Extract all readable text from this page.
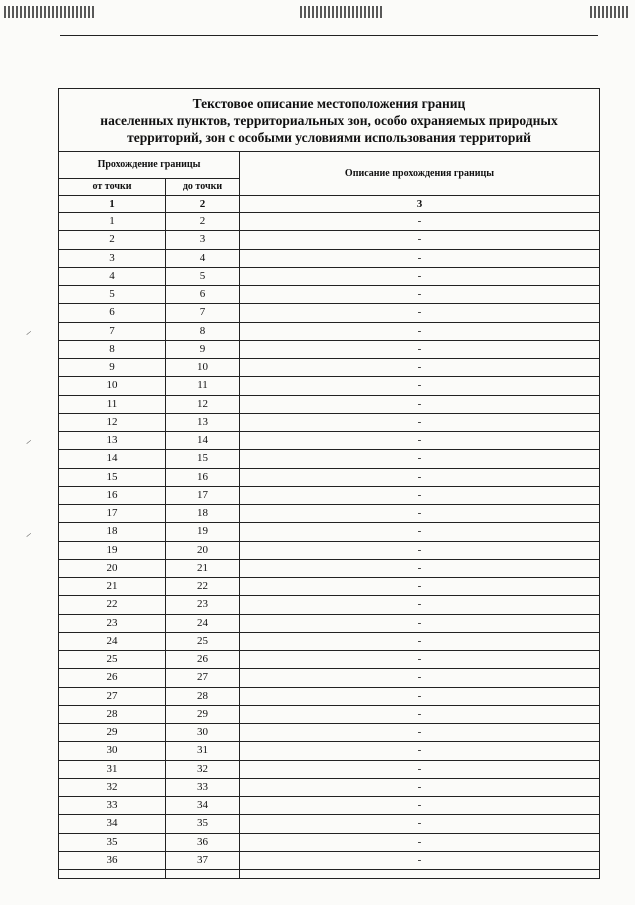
⸝
⸝
⸝
Текстовое описание местоположения границ
населенных пунктов, территориальных зон, особо охраняемых природных
территорий, зон с особыми условиями использования территорий		

Прохождение границы		Описание прохождения границы
от точки	до точки	
1	2	3
1	2	-
2	3	-
3	4	-
4	5	-
5	6	-
6	7	-
7	8	-
8	9	-
9	10	-
10	11	-
11	12	-
12	13	-
13	14	-
14	15	-
15	16	-
16	17	-
17	18	-
18	19	-
19	20	-
20	21	-
21	22	-
22	23	-
23	24	-
24	25	-
25	26	-
26	27	-
27	28	-
28	29	-
29	30	-
30	31	-
31	32	-
32	33	-
33	34	-
34	35	-
35	36	-
36	37	-
